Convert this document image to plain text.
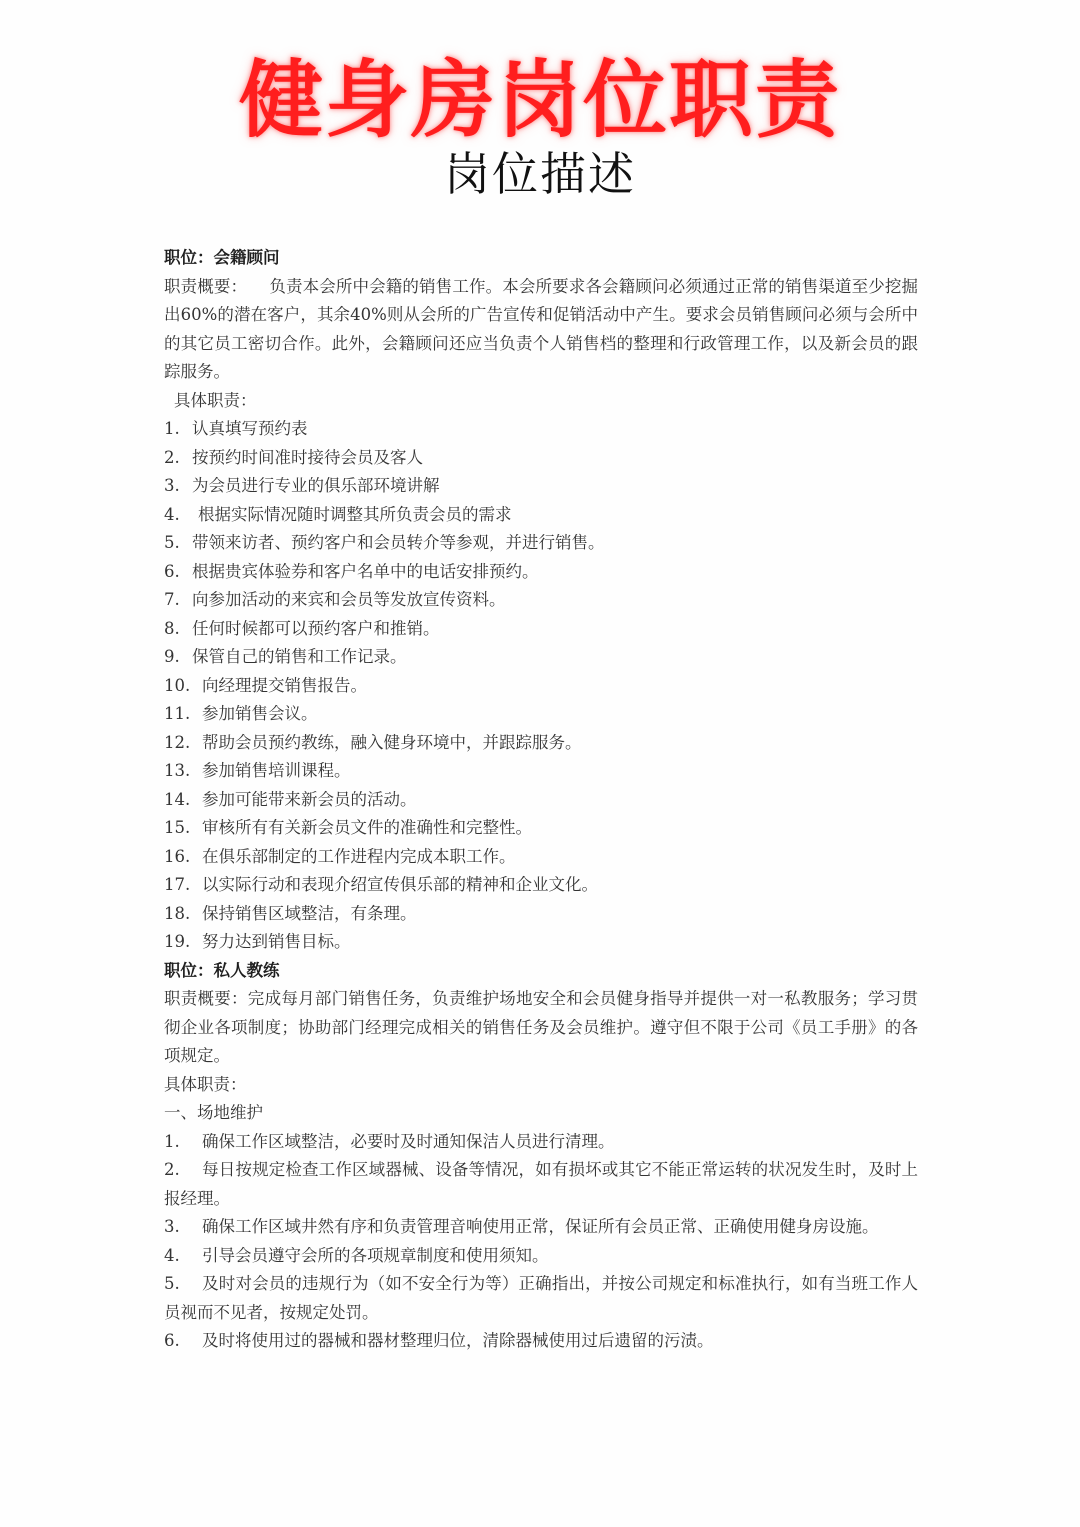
健身房岗位职责
岗位描述

职位：会籍顾问

职责概要： 负责本会所中会籍的销售工作。本会所要求各会籍顾问必须通过正常的销售渠道至少挖掘出60%的潜在客户，其余40%则从会所的广告宣传和促销活动中产生。要求会员销售顾问必须与会所中的其它员工密切合作。此外，会籍顾问还应当负责个人销售档的整理和行政管理工作，以及新会员的跟踪服务。

具体职责：

1. 认真填写预约表

2. 按预约时间准时接待会员及客人

3. 为会员进行专业的俱乐部环境讲解

4. 根据实际情况随时调整其所负责会员的需求

5. 带领来访者、预约客户和会员转介等参观，并进行销售。

6. 根据贵宾体验券和客户名单中的电话安排预约。

7. 向参加活动的来宾和会员等发放宣传资料。

8. 任何时候都可以预约客户和推销。

9. 保管自己的销售和工作记录。

10. 向经理提交销售报告。

11. 参加销售会议。

12. 帮助会员预约教练，融入健身环境中，并跟踪服务。

13. 参加销售培训课程。

14. 参加可能带来新会员的活动。

15. 审核所有有关新会员文件的准确性和完整性。

16. 在俱乐部制定的工作进程内完成本职工作。

17. 以实际行动和表现介绍宣传俱乐部的精神和企业文化。

18. 保持销售区域整洁，有条理。

19. 努力达到销售目标。

职位：私人教练

职责概要：完成每月部门销售任务，负责维护场地安全和会员健身指导并提供一对一私教服务；学习贯彻企业各项制度；协助部门经理完成相关的销售任务及会员维护。遵守但不限于公司《员工手册》的各项规定。

具体职责：

一、场地维护

1. 确保工作区域整洁，必要时及时通知保洁人员进行清理。

2. 每日按规定检查工作区域器械、设备等情况，如有损坏或其它不能正常运转的状况发生时，及时上报经理。

3. 确保工作区域井然有序和负责管理音响使用正常，保证所有会员正常、正确使用健身房设施。

4. 引导会员遵守会所的各项规章制度和使用须知。

5. 及时对会员的违规行为（如不安全行为等）正确指出，并按公司规定和标准执行，如有当班工作人员视而不见者，按规定处罚。

6. 及时将使用过的器械和器材整理归位，清除器械使用过后遗留的污渍。
